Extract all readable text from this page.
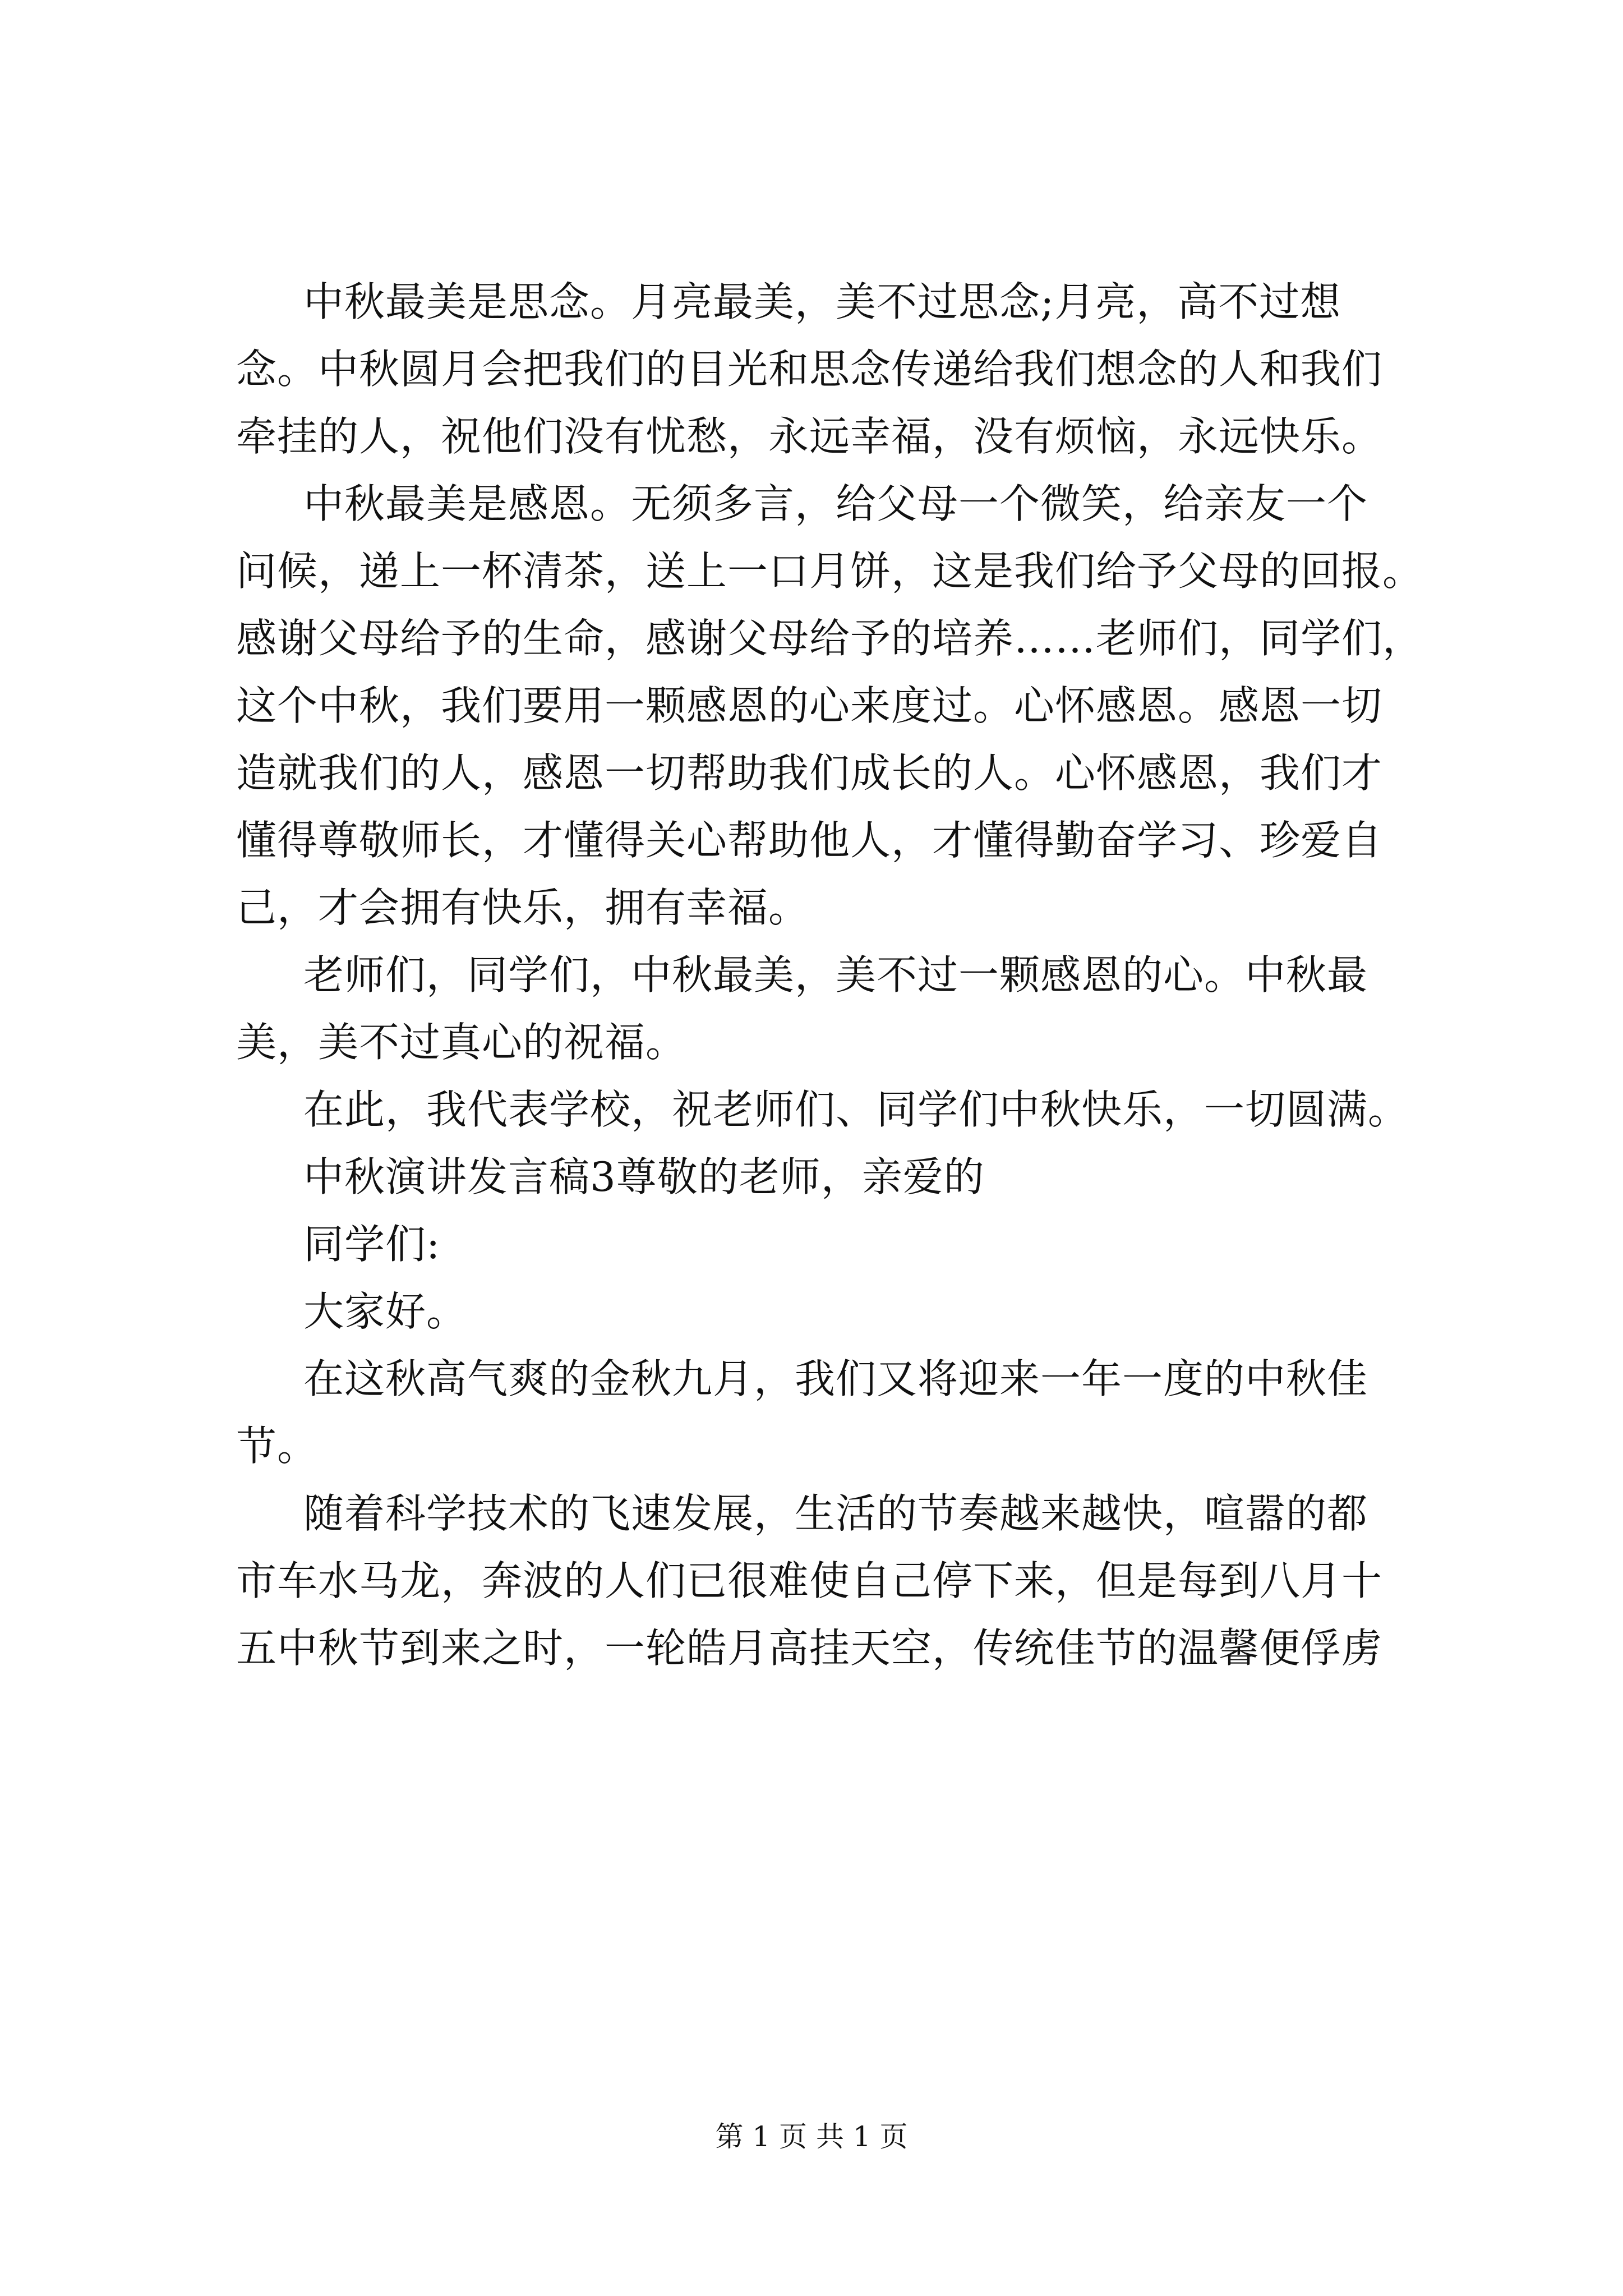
中秋最美是思念。月亮最美，美不过思念;月亮，高不过想
念。中秋圆月会把我们的目光和思念传递给我们想念的人和我们
牵挂的人，祝他们没有忧愁，永远幸福，没有烦恼，永远快乐。
中秋最美是感恩。无须多言，给父母一个微笑，给亲友一个
问候，递上一杯清茶，送上一口月饼，这是我们给予父母的回报。
感谢父母给予的生命，感谢父母给予的培养……老师们，同学们，
这个中秋，我们要用一颗感恩的心来度过。心怀感恩。感恩一切
造就我们的人，感恩一切帮助我们成长的人。心怀感恩，我们才
懂得尊敬师长，才懂得关心帮助他人，才懂得勤奋学习、珍爱自
己，才会拥有快乐，拥有幸福。
老师们，同学们，中秋最美，美不过一颗感恩的心。中秋最
美，美不过真心的祝福。
在此，我代表学校，祝老师们、同学们中秋快乐，一切圆满。
中秋演讲发言稿3尊敬的老师，亲爱的
同学们:
大家好。
在这秋高气爽的金秋九月，我们又将迎来一年一度的中秋佳
节。
随着科学技术的飞速发展，生活的节奏越来越快，喧嚣的都
市车水马龙，奔波的人们已很难使自己停下来，但是每到八月十
五中秋节到来之时，一轮皓月高挂天空，传统佳节的温馨便俘虏
第 1 页 共 1 页
